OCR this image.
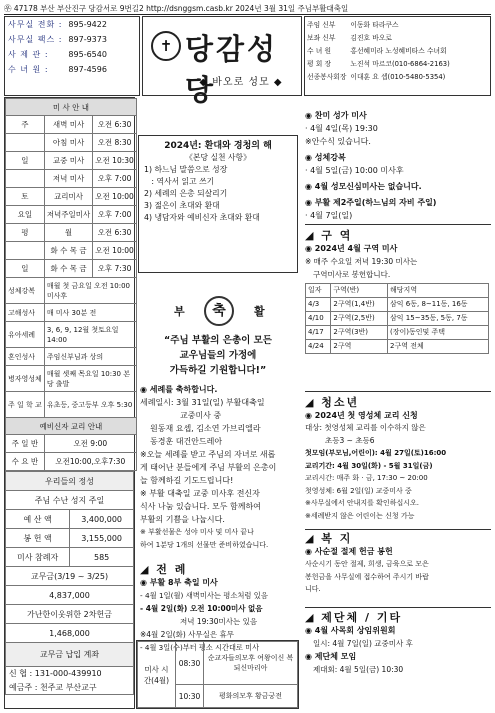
㉾ 47178 부산 부산진구 당감서로 9번길2 http://dsnggsm.casb.kr 2024년 3월 31일 주님부활대축일
사무실 전화 :	895-9422
사무실 팩스 :	897-9373
사 제 관 :	895-6540
수 녀 원 :	897-4596
✝ 당감성당
◆ 바오로 성모 ◆
주임 신부	이동화 타라쿠스
보좌 신부	김진호 바오로
수 녀 원	홍선혜미라 노성혜비타스 수녀회
평 회 장	노진석 마르코(010-6864-2163)
선종봉사회장	이대훈 요 셉(010-5480-5354)
미 사 안 내		
주	새벽 미사	오전 6:30
	아침 미사	오전 8:30
일	교중 미사	오전 10:30
	저녁 미사	오후 7:00
토	교리미사	오전 10:00
요일	저녁주일미사	오후 7:00
평	월	오전 6:30
	화 수 목 금	오전 10:00
일	화 수 목 금	오후 7:30
성체강복	매월 첫 금요일 오전 10:00 미사후	
고해성사	매 미사 30분 전	
유아세례	3, 6, 9, 12월 첫토요일 14:00	
혼인성사	주임신부님과 상의	
병자영성체	매월 셋째 목요일 10:30 본당 출발	
주 일 학 교	유초등, 중고등부 오후 5:30	
예비신자 교리 안내		
주 일 반	오전 9:00	
수 요 반	오전10:00,오후7:30	
우리들의 정성	
주님 수난 성지 주일	
예 산 액	3,400,000
봉 헌 액	3,155,000
미사 참례자	585
교무금(3/19 ~ 3/25)	
4,837,000	
가난한이웃위한 2차헌금	
1,468,000	
교무금 납입 계좌	
신 협 : 131-000-439910	
예금주 : 천주교 부산교구	
2024년: 환대와 경청의 해
《본당 실천 사항》
1) 하느님 말씀으로 성장
: 역사서 읽고 쓰기
2) 세례의 은총 되살리기
3) 젊은이 초대와 환대
4) 냉담자와 예비신자 초대와 환대
부	축	활
“주님 부활의 은총이 모든
교우님들의 가정에
가득하길 기원합니다!”
◉ 세례를 축하합니다.
세례일시: 3월 31일(일) 부활대축일
교중미사 중
원동재 요셉, 김소연 가브리엘라
동경훈 대건안드레아
※오늘 세례를 받고 주님의 자녀로 새롭
게 태어난 분들에게 주님 부활의 은총이
늘 함께하길 기도드립니다!
※ 부활 대축일 교중 미사후 전신자
식사 나눔 있습니다. 모두 함께하여
부활의 기쁨을 나눕시다.
※ 부활선물은 성야 미사 및 미사 끝나
하여 1분당 1개의 선물만 준비하였습니다.
◢ 전 례
◉ 부활 8부 축일 미사
- 4월 1일(월) 새벽미사는 평소처럼 있음
- 4월 2일(화) 오전 10:00미사 없음
저녁 19:30미사는 있음
※4월 2일(화) 사무실은 휴무
- 4월 3일(수)부터 평소 시간대로 미사
미사 시 간(4월)	08:30	순교자들의모후 여왕이신 복되신마리아
	10:30	평화의모후 황금궁전
◉ 찬미 성가 미사
· 4월 4일(목) 19:30
※안수식 있습니다.
◉ 성체강복
· 4월 5일(금) 10:00 미사후
◉ 4월 성모신심미사는 없습니다.
◉ 부활 제2주일(하느님의 자비 주일)
· 4월 7일(일)
◢ 구 역
◉ 2024년 4월 구역 미사
※ 매주 수요일 저녁 19:30 미사는
구역미사로 봉헌합니다.
일자	구역(반)	해당지역
4/3	2구역(1,4반)	삼익 6동, 8~11동, 16동
4/10	2구역(2,5반)	삼익 15~35동, 5동, 7동
4/17	2구역(3반)	(장이)동인및 주택
4/24	2구역	2구역 전체
◢ 청소년
◉ 2024년 첫 영성체 교리 신청
대상: 첫영성체 교리를 이수하지 않은
초등3 ~ 초등6
첫모임(부모님,어린이): 4월 27일(토)16:00
교리기간: 4월 30일(화) - 5월 31일(금)
교리시간: 매주 화 · 금, 17:30 ~ 20:00
첫영성체: 6월 2일(일) 교중미사 중
※사무실에서 안내지를 확인하십시오.
※세례받지 않은 어린이는 신청 가능
◢ 복 지
◉ 사순절 절제 헌금 봉헌
사순시기 동안 절제, 희생, 금육으로 모은
봉헌금을 사무실에 접수하여 주시기 바랍
니다.
◢ 제단체 / 기타
◉ 4월 사목회 상임위원회
일시: 4월 7일(일) 교중미사 후
◉ 제단체 모임
제대회: 4월 5일(금) 10:30
